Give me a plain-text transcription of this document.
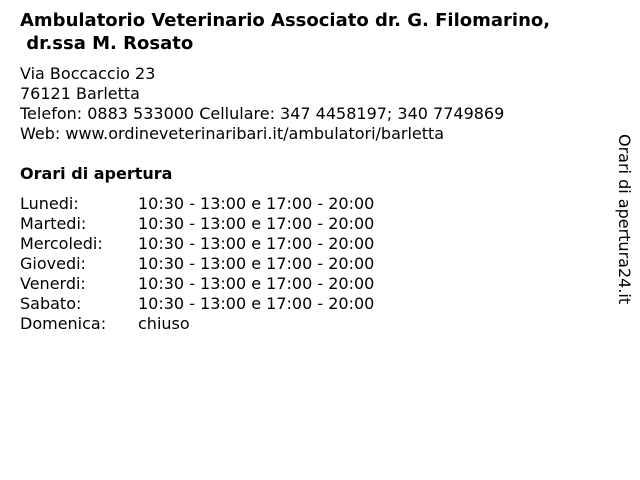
Ambulatorio Veterinario Associato dr. G. Filomarino,
dr.ssa M. Rosato
Via Boccaccio 23
76121 Barletta
Telefon: 0883 533000 Cellulare: 347 4458197; 340 7749869
Web: www.ordineveterinaribari.it/ambulatori/barletta
Orari di apertura
Lunedi:	10:30 - 13:00 e 17:00 - 20:00
Martedi:	10:30 - 13:00 e 17:00 - 20:00
Mercoledi:	10:30 - 13:00 e 17:00 - 20:00
Giovedi:	10:30 - 13:00 e 17:00 - 20:00
Venerdi:	10:30 - 13:00 e 17:00 - 20:00
Sabato:	10:30 - 13:00 e 17:00 - 20:00
Domenica:	chiuso
Orari di apertura24.it
